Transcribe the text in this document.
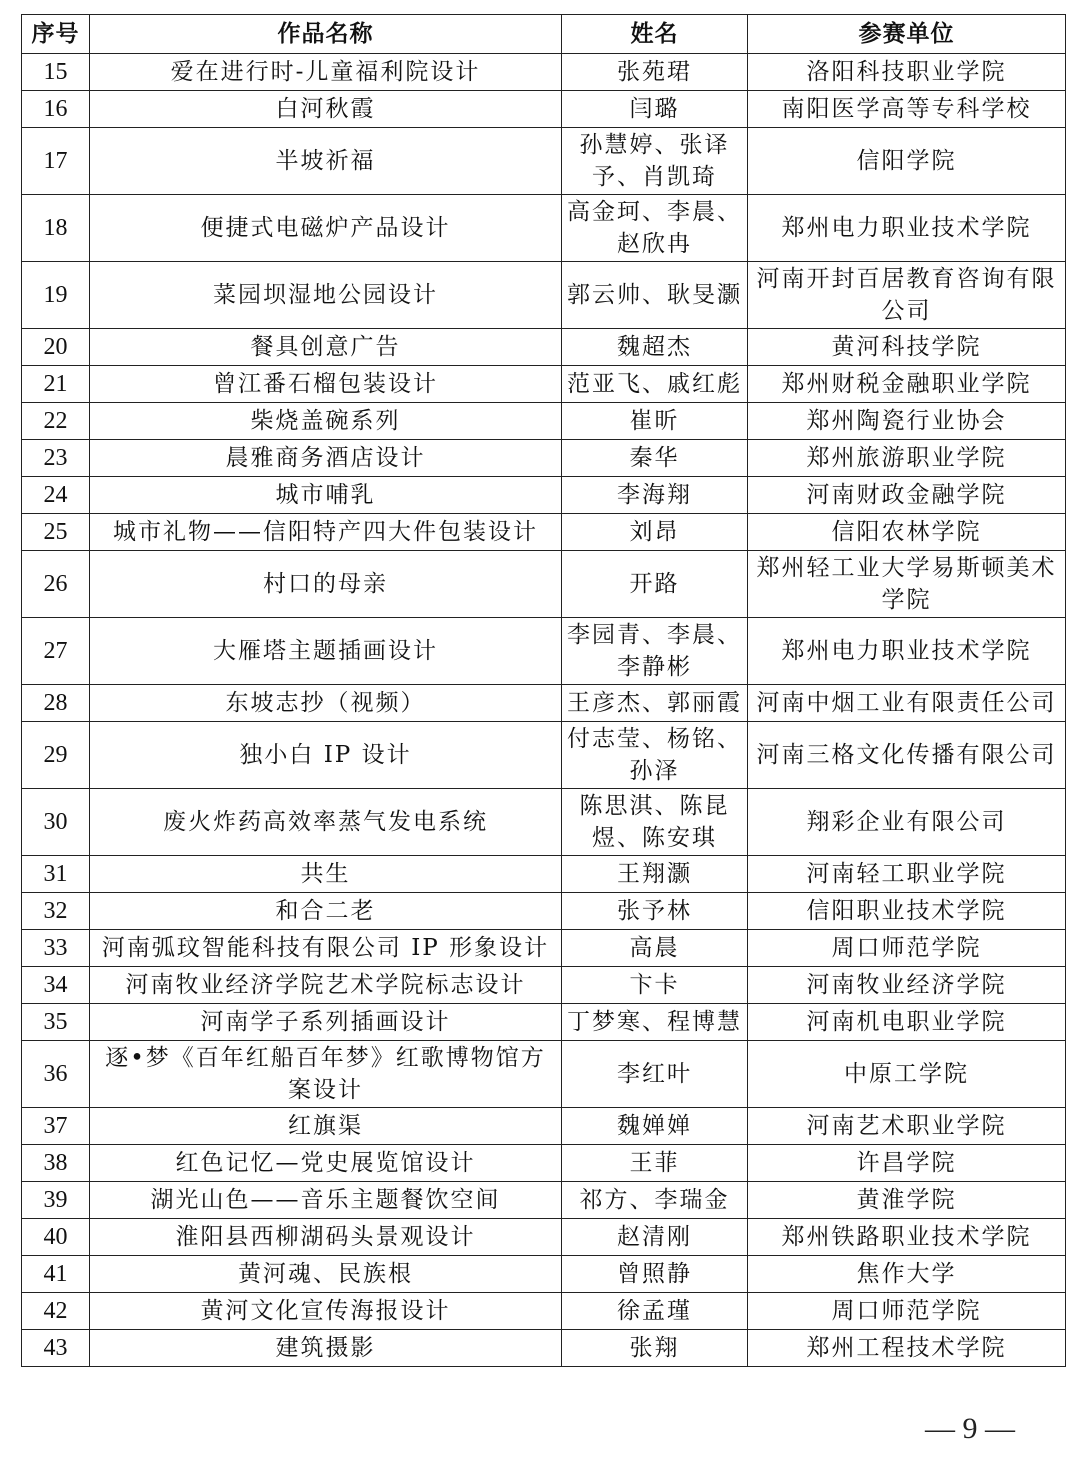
序号	作品名称	姓名	参赛单位
15	爱在进行时-儿童福利院设计	张苑珺	洛阳科技职业学院
16	白河秋霞	闫璐	南阳医学高等专科学校
17	半坡祈福	孙慧婷、张译予、肖凯琦	信阳学院
18	便捷式电磁炉产品设计	高金珂、李晨、赵欣冉	郑州电力职业技术学院
19	菜园坝湿地公园设计	郭云帅、耿旻灏	河南开封百居教育咨询有限公司
20	餐具创意广告	魏超杰	黄河科技学院
21	曾江番石榴包装设计	范亚飞、戚红彪	郑州财税金融职业学院
22	柴烧盖碗系列	崔昕	郑州陶瓷行业协会
23	晨雅商务酒店设计	秦华	郑州旅游职业学院
24	城市哺乳	李海翔	河南财政金融学院
25	城市礼物——信阳特产四大件包装设计	刘昂	信阳农林学院
26	村口的母亲	开路	郑州轻工业大学易斯顿美术学院
27	大雁塔主题插画设计	李园青、李晨、李静彬	郑州电力职业技术学院
28	东坡志抄（视频）	王彦杰、郭丽霞	河南中烟工业有限责任公司
29	独小白 IP 设计	付志莹、杨铭、孙泽	河南三格文化传播有限公司
30	废火炸药高效率蒸气发电系统	陈思淇、陈昆煜、陈安琪	翔彩企业有限公司
31	共生	王翔灏	河南轻工职业学院
32	和合二老	张予林	信阳职业技术学院
33	河南弧玟智能科技有限公司 IP 形象设计	高晨	周口师范学院
34	河南牧业经济学院艺术学院标志设计	卞卡	河南牧业经济学院
35	河南学子系列插画设计	丁梦寒、程博慧	河南机电职业学院
36	逐•梦《百年红船百年梦》红歌博物馆方案设计	李红叶	中原工学院
37	红旗渠	魏婵婵	河南艺术职业学院
38	红色记忆—党史展览馆设计	王菲	许昌学院
39	湖光山色——音乐主题餐饮空间	祁方、李瑞金	黄淮学院
40	淮阳县西柳湖码头景观设计	赵清刚	郑州铁路职业技术学院
41	黄河魂、民族根	曾照静	焦作大学
42	黄河文化宣传海报设计	徐孟瑾	周口师范学院
43	建筑摄影	张翔	郑州工程技术学院
— 9 —
